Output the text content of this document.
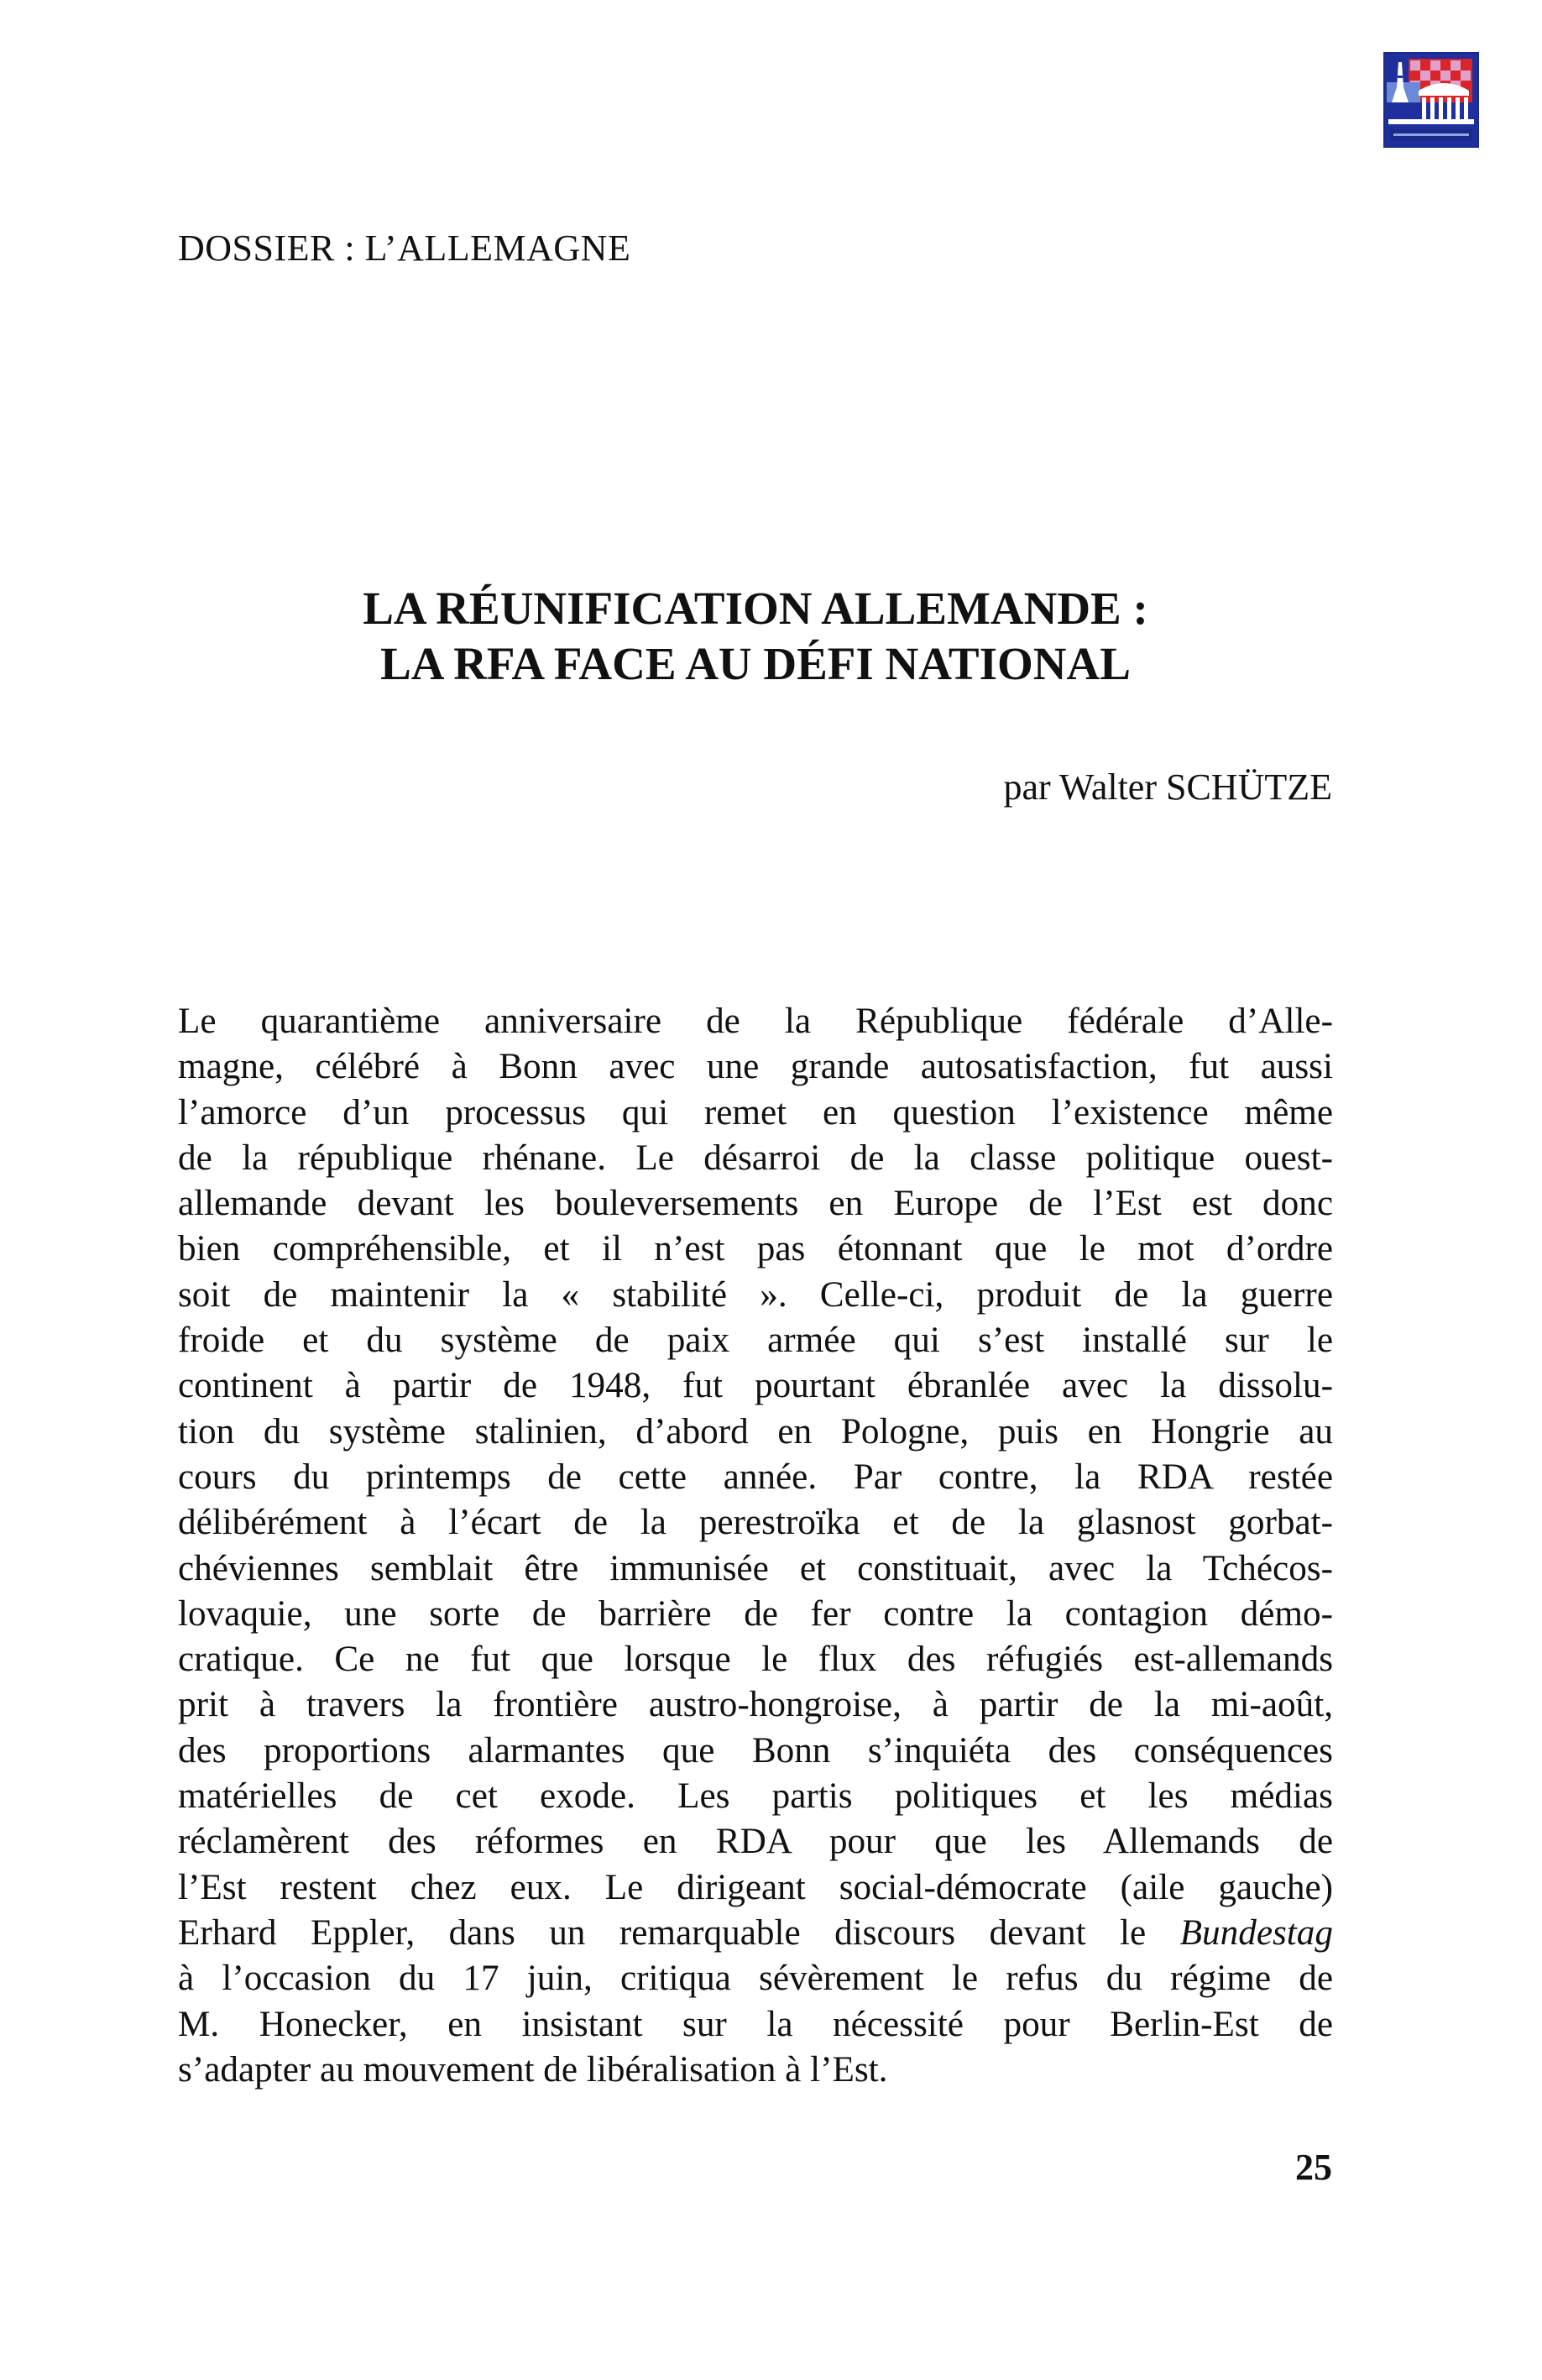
DOSSIER : L’ALLEMAGNE
LA RÉUNIFICATION ALLEMANDE :
LA RFA FACE AU DÉFI NATIONAL
par Walter SCHÜTZE
Le quarantième anniversaire de la République fédérale d’Alle-
magne, célébré à Bonn avec une grande autosatisfaction, fut aussi
l’amorce d’un processus qui remet en question l’existence même
de la république rhénane. Le désarroi de la classe politique ouest-
allemande devant les bouleversements en Europe de l’Est est donc
bien compréhensible, et il n’est pas étonnant que le mot d’ordre
soit de maintenir la « stabilité ». Celle-ci, produit de la guerre
froide et du système de paix armée qui s’est installé sur le
continent à partir de 1948, fut pourtant ébranlée avec la dissolu-
tion du système stalinien, d’abord en Pologne, puis en Hongrie au
cours du printemps de cette année. Par contre, la RDA restée
délibérément à l’écart de la perestroïka et de la glasnost gorbat-
chéviennes semblait être immunisée et constituait, avec la Tchécos-
lovaquie, une sorte de barrière de fer contre la contagion démo-
cratique. Ce ne fut que lorsque le flux des réfugiés est-allemands
prit à travers la frontière austro-hongroise, à partir de la mi-août,
des proportions alarmantes que Bonn s’inquiéta des conséquences
matérielles de cet exode. Les partis politiques et les médias
réclamèrent des réformes en RDA pour que les Allemands de
l’Est restent chez eux. Le dirigeant social-démocrate (aile gauche)
Erhard Eppler, dans un remarquable discours devant le Bundestag
à l’occasion du 17 juin, critiqua sévèrement le refus du régime de
M. Honecker, en insistant sur la nécessité pour Berlin-Est de
s’adapter au mouvement de libéralisation à l’Est.
25
